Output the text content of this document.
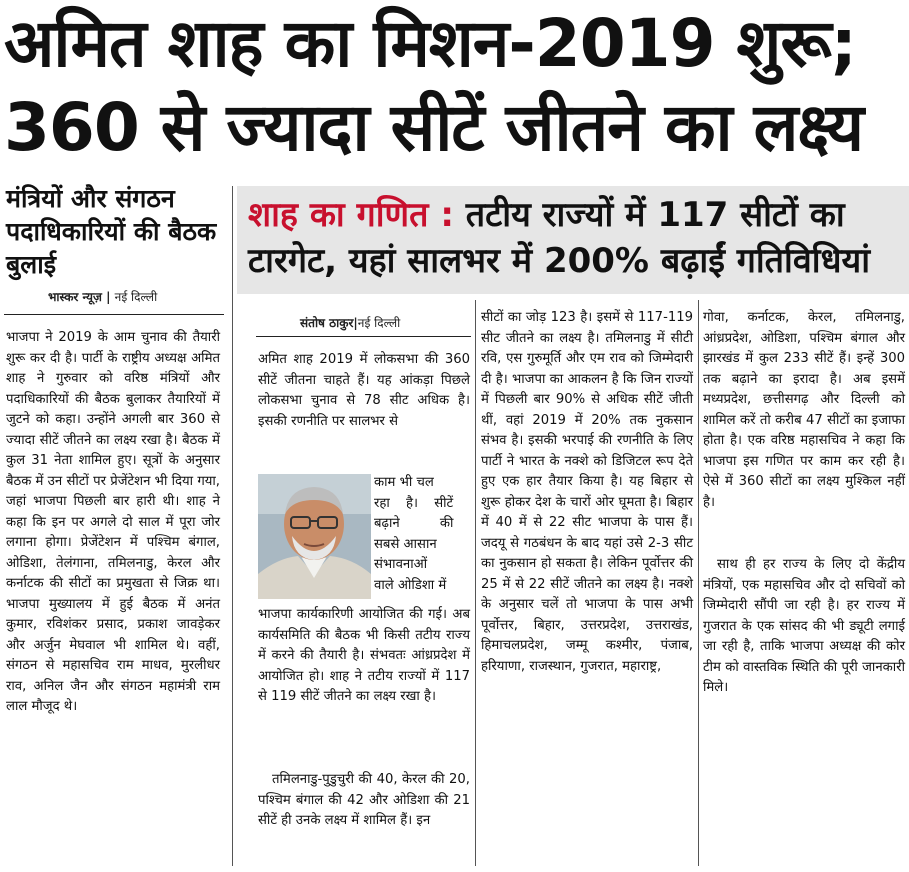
अमित शाह का मिशन-2019 शुरू;
360 से ज्यादा सीटें जीतने का लक्ष्य
मंत्रियों और संगठन पदाधिकारियों की बैठक बुलाई
भास्कर न्यूज़ | नई दिल्ली
भाजपा ने 2019 के आम चुनाव की तैयारी शुरू कर दी है। पार्टी के राष्ट्रीय अध्यक्ष अमित शाह ने गुरुवार को वरिष्ठ मंत्रियों और पदाधिकारियों की बैठक बुलाकर तैयारियों में जुटने को कहा। उन्होंने अगली बार 360 से ज्यादा सीटें जीतने का लक्ष्य रखा है। बैठक में कुल 31 नेता शामिल हुए। सूत्रों के अनुसार बैठक में उन सीटों पर प्रेजेंटेशन भी दिया गया, जहां भाजपा पिछली बार हारी थी। शाह ने कहा कि इन पर अगले दो साल में पूरा जोर लगाना होगा। प्रेजेंटेशन में पश्चिम बंगाल, ओडिशा, तेलंगाना, तमिलनाडु, केरल और कर्नाटक की सीटों का प्रमुखता से जिक्र था। भाजपा मुख्यालय में हुई बैठक में अनंत कुमार, रविशंकर प्रसाद, प्रकाश जावड़ेकर और अर्जुन मेघवाल भी शामिल थे। वहीं, संगठन से महासचिव राम माधव, मुरलीधर राव, अनिल जैन और संगठन महामंत्री राम लाल मौजूद थे।
शाह का गणित : तटीय राज्यों में 117 सीटों का टारगेट, यहां सालभर में 200% बढ़ाईं गतिविधियां
संतोष ठाकुर|नई दिल्ली
अमित शाह 2019 में लोकसभा की 360 सीटें जीतना चाहते हैं। यह आंकड़ा पिछले लोकसभा चुनाव से 78 सीट अधिक है। इसकी रणनीति पर सालभर से
काम भी चल
रहा है। सीटें
बढ़ाने की
सबसे आसान
संभावनाओं
वाले ओडिशा में
भाजपा कार्यकारिणी आयोजित की गई। अब कार्यसमिति की बैठक भी किसी तटीय राज्य में करने की तैयारी है। संभवतः आंध्रप्रदेश में आयोजित हो। शाह ने तटीय राज्यों में 117 से 119 सीटें जीतने का लक्ष्य रखा है।
तमिलनाडु-पुडुचुरी की 40, केरल की 20, पश्चिम बंगाल की 42 और ओडिशा की 21 सीटें ही उनके लक्ष्य में शामिल हैं। इन
सीटों का जोड़ 123 है। इसमें से 117-119 सीट जीतने का लक्ष्य है। तमिलनाडु में सीटी रवि, एस गुरुमूर्ति और एम राव को जिम्मेदारी दी है। भाजपा का आकलन है कि जिन राज्यों में पिछली बार 90% से अधिक सीटें जीती थीं, वहां 2019 में 20% तक नुकसान संभव है। इसकी भरपाई की रणनीति के लिए पार्टी ने भारत के नक्शे को डिजिटल रूप देते हुए एक हार तैयार किया है। यह बिहार से शुरू होकर देश के चारों ओर घूमता है। बिहार में 40 में से 22 सीट भाजपा के पास हैं। जदयू से गठबंधन के बाद यहां उसे 2-3 सीट का नुकसान हो सकता है। लेकिन पूर्वोत्तर की 25 में से 22 सीटें जीतने का लक्ष्य है। नक्शे के अनुसार चलें तो भाजपा के पास अभी पूर्वोत्तर, बिहार, उत्तरप्रदेश, उत्तराखंड, हिमाचलप्रदेश, जम्मू कश्मीर, पंजाब, हरियाणा, राजस्थान, गुजरात, महाराष्ट्र,
गोवा, कर्नाटक, केरल, तमिलनाडु, आंध्रप्रदेश, ओडिशा, पश्चिम बंगाल और झारखंड में कुल 233 सीटें हैं। इन्हें 300 तक बढ़ाने का इरादा है। अब इसमें मध्यप्रदेश, छत्तीसगढ़ और दिल्ली को शामिल करें तो करीब 47 सीटों का इजाफा होता है। एक वरिष्ठ महासचिव ने कहा कि भाजपा इस गणित पर काम कर रही है। ऐसे में 360 सीटों का लक्ष्य मुश्किल नहीं है।
साथ ही हर राज्य के लिए दो केंद्रीय मंत्रियों, एक महासचिव और दो सचिवों को जिम्मेदारी सौंपी जा रही है। हर राज्य में गुजरात के एक सांसद की भी ड्यूटी लगाई जा रही है, ताकि भाजपा अध्यक्ष की कोर टीम को वास्तविक स्थिति की पूरी जानकारी मिले।
